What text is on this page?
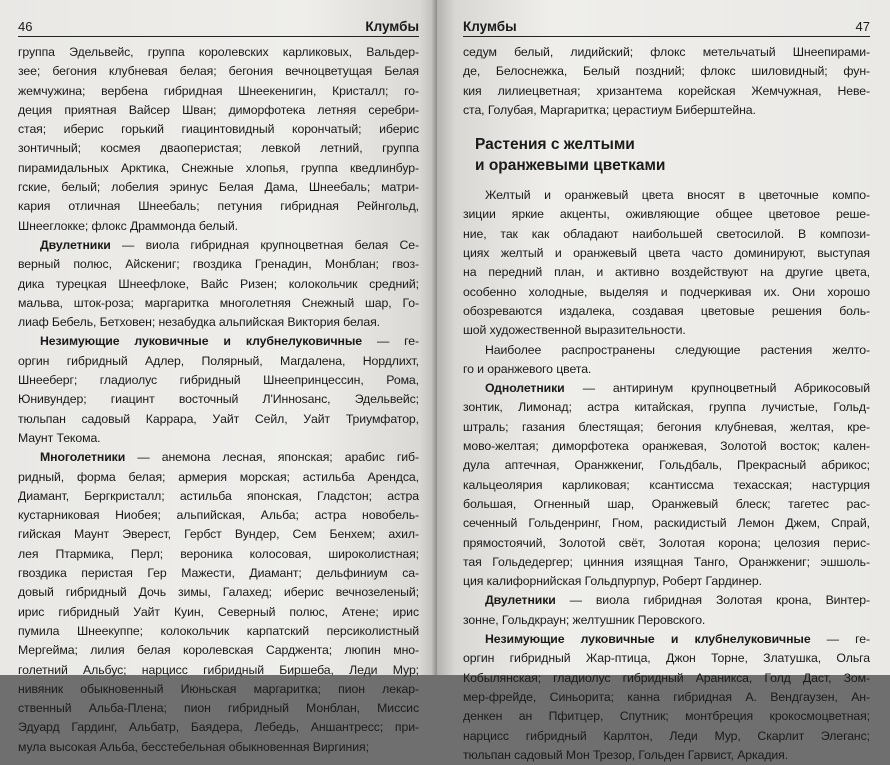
46	Клумбы
группа Эдельвейс, группа королевских карликовых, Вальдер-
зее; бегония клубневая белая; бегония вечноцветущая Белая
жемчужина; вербена гибридная Шнеекенигин, Кристалл; го-
деция приятная Вайсер Шван; диморфотека летняя серебри-
стая; иберис горький гиацинтовидный корончатый; иберис
зонтичный; космея дваоперистая; левкой летний, группа
пирамидальных Арктика, Снежные хлопья, группа кведлинбур-
гские, белый; лобелия эринус Белая Дама, Шнеебаль; матри-
кария отличная Шнеебаль; петуния гибридная Рейнгольд,
Шнееглокке; флокс Драммонда белый.
Двулетники — виола гибридная крупноцветная белая Се-
верный полюс, Айскениг; гвоздика Гренадин, Монблан; гвоз-
дика турецкая Шнеефлоке, Вайс Ризен; колокольчик средний;
мальва, шток-роза; маргаритка многолетняя Снежный шар, Го-
лиаф Бебель, Бетховен; незабудка альпийская Виктория белая.
Незимующие луковичные и клубнелуковичные — ге-
оргин гибридный Адлер, Полярный, Магдалена, Нордлихт,
Шнееберг; гладиолус гибридный Шнеепринцессин, Рома,
Юнивундер; гиацинт восточный Л'Инноsанс, Эдельвейс;
тюльпан садовый Каррара, Уайт Сейл, Уайт Триумфатор,
Маунт Текома.
Многолетники — анемона лесная, японская; арабис гиб-
ридный, форма белая; армерия морская; астильба Арендса,
Диамант, Бергкристалл; астильба японская, Гладстон; астра
кустарниковая Ниобея; альпийская, Альба; астра новобель-
гийская Маунт Эверест, Гербст Вундер, Сем Бенхем; ахил-
лея Птармика, Перл; вероника колосовая, широколистная;
гвоздика перистая Гер Мажести, Диамант; дельфиниум са-
довый гибридный Дочь зимы, Галахед; иберис вечнозеленый;
ирис гибридный Уайт Куин, Северный полюс, Атене; ирис
пумила Шнеекуппе; колокольчик карпатский персиколистный
Мергейма; лилия белая королевская Сарджента; люпин мно-
голетний Альбус; нарцисс гибридный Биршеба, Леди Мур;
нивяник обыкновенный Июньская маргаритка; пион лекар-
ственный Альба-Плена; пион гибридный Монблан, Миссис
Эдуард Гардинг, Альбатр, Баядера, Лебедь, Аншантресс; при-
мула высокая Альба, бесстебельная обыкновенная Виргиния;
Клумбы	47
седум белый, лидийский; флокс метельчатый Шнеепирами-
де, Белоснежка, Белый поздний; флокс шиловидный; фун-
кия лилиецветная; хризантема корейская Жемчужная, Неве-
ста, Голубая, Маргаритка; церастиум Биберштейна.
Растения с желтыми
и оранжевыми цветками
Желтый и оранжевый цвета вносят в цветочные компо-
зиции яркие акценты, оживляющие общее цветовое реше-
ние, так как обладают наибольшей светосилой. В компози-
циях желтый и оранжевый цвета часто доминируют, выступая
на передний план, и активно воздействуют на другие цвета,
особенно холодные, выделяя и подчеркивая их. Они хорошо
обозреваются издалека, создавая цветовые решения боль-
шой художественной выразительности.
Наиболее распространены следующие растения желто-
го и оранжевого цвета.
Однолетники — антиринум крупноцветный Абрикосовый
зонтик, Лимонад; астра китайская, группа лучистые, Гольд-
штраль; газания блестящая; бегония клубневая, желтая, кре-
мово-желтая; диморфотека оранжевая, Золотой восток; кален-
дула аптечная, Оранжкениг, Гольдбаль, Прекрасный абрикос;
кальцеолярия карликовая; ксантисcма техасская; настурция
большая, Огненный шар, Оранжевый блеск; тагетес рас-
сеченный Гольденринг, Гном, раскидистый Лемон Джем, Спрай,
прямостоячий, Золотой свёт, Золотая корона; целозия перис-
тая Гольдедергер; цинния изящная Танго, Оранжкениг; эшшоль-
ция калифорнийская Гольдпурпур, Роберт Гардинер.
Двулетники — виола гибридная Золотая крона, Винтер-
зонне, Гольдкраун; желтушник Перовского.
Незимующие луковичные и клубнелуковичные — ге-
оргин гибридный Жар-птица, Джон Торне, Златушка, Ольга
Кобылянская; гладиолус гибридный Араникса, Голд Даст, Зом-
мер-фрейде, Синьорита; канна гибридная А. Вендгаузен, Ан-
денкен ан Пфитцер, Спутник; монтбреция крокосмоцветная;
нарцисс гибридный Карлтон, Леди Мур, Скарлит Элеганс;
тюльпан садовый Мон Трезор, Гольден Гарвист, Аркадия.
